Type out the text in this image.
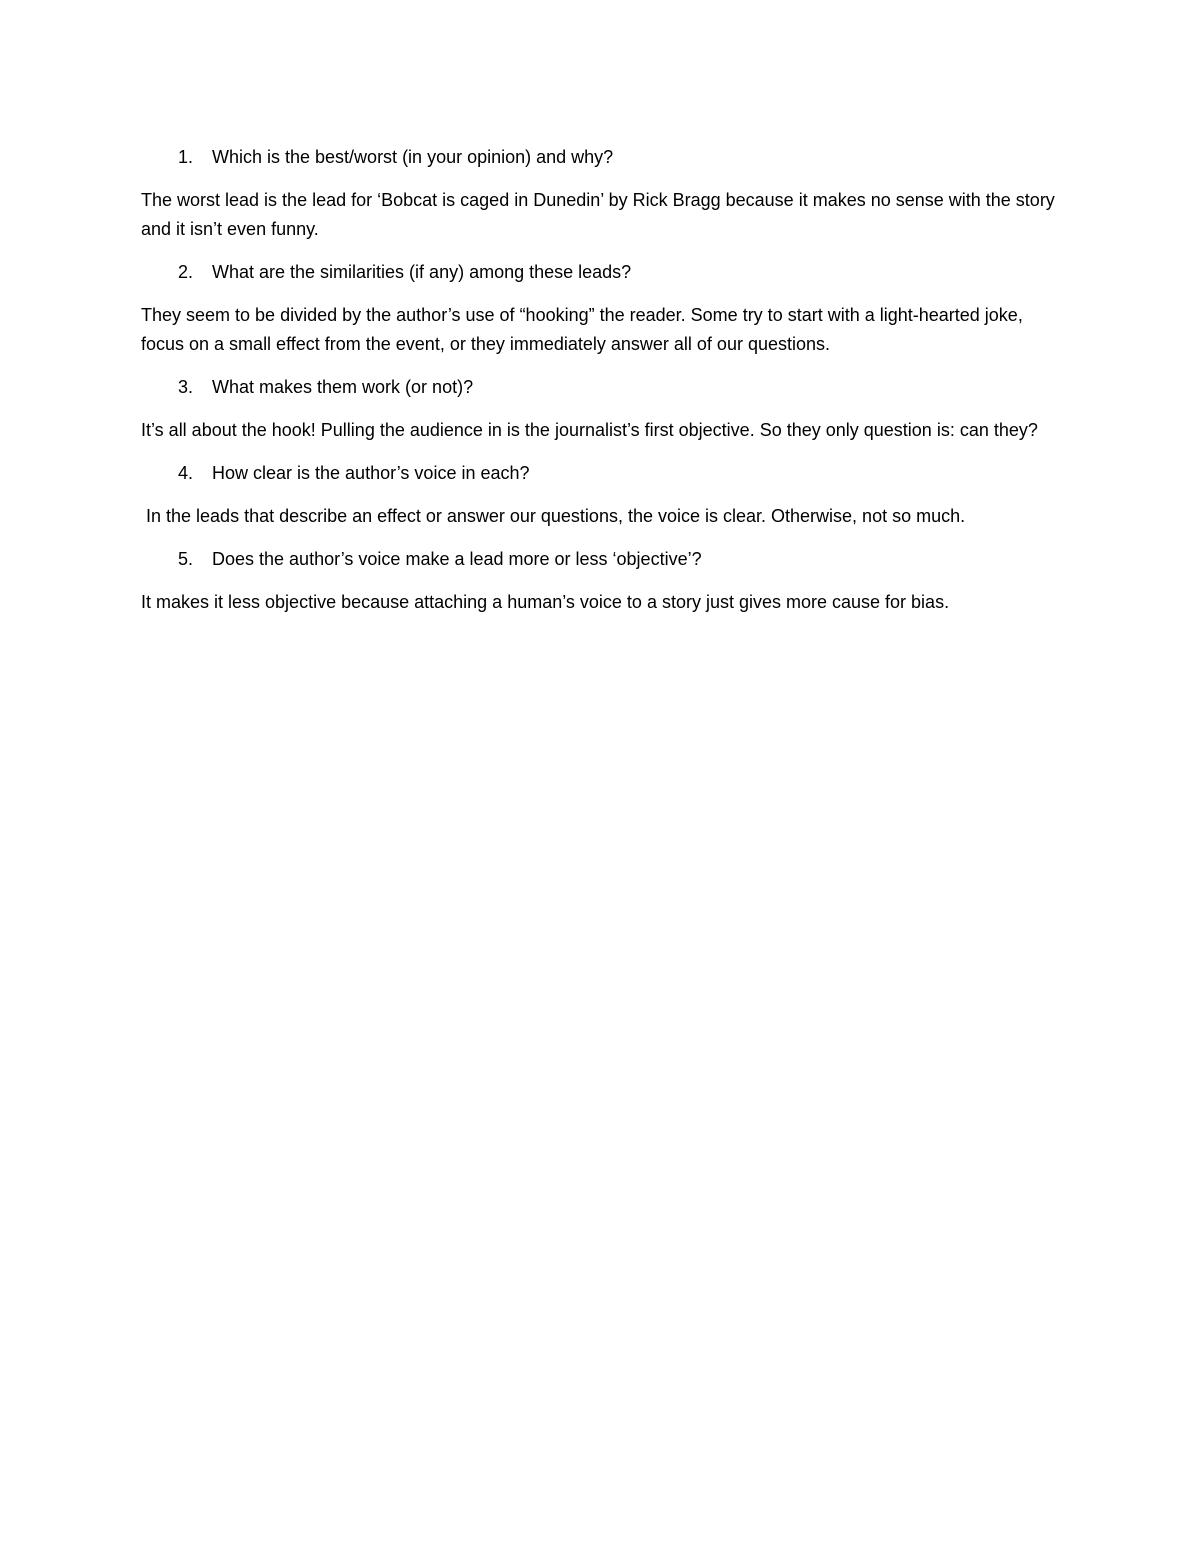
1.	Which is the best/worst (in your opinion) and why?

The worst lead is the lead for ‘Bobcat is caged in Dunedin’ by Rick Bragg because it makes no sense with the story and it isn’t even funny.

2.	What are the similarities (if any) among these leads?

They seem to be divided by the author’s use of “hooking” the reader. Some try to start with a light-hearted joke, focus on a small effect from the event, or they immediately answer all of our questions.

3.	What makes them work (or not)?

It’s all about the hook! Pulling the audience in is the journalist’s first objective. So they only question is: can they?

4.	How clear is the author’s voice in each?

In the leads that describe an effect or answer our questions, the voice is clear. Otherwise, not so much.

5.	Does the author’s voice make a lead more or less ‘objective’?

It makes it less objective because attaching a human’s voice to a story just gives more cause for bias.
